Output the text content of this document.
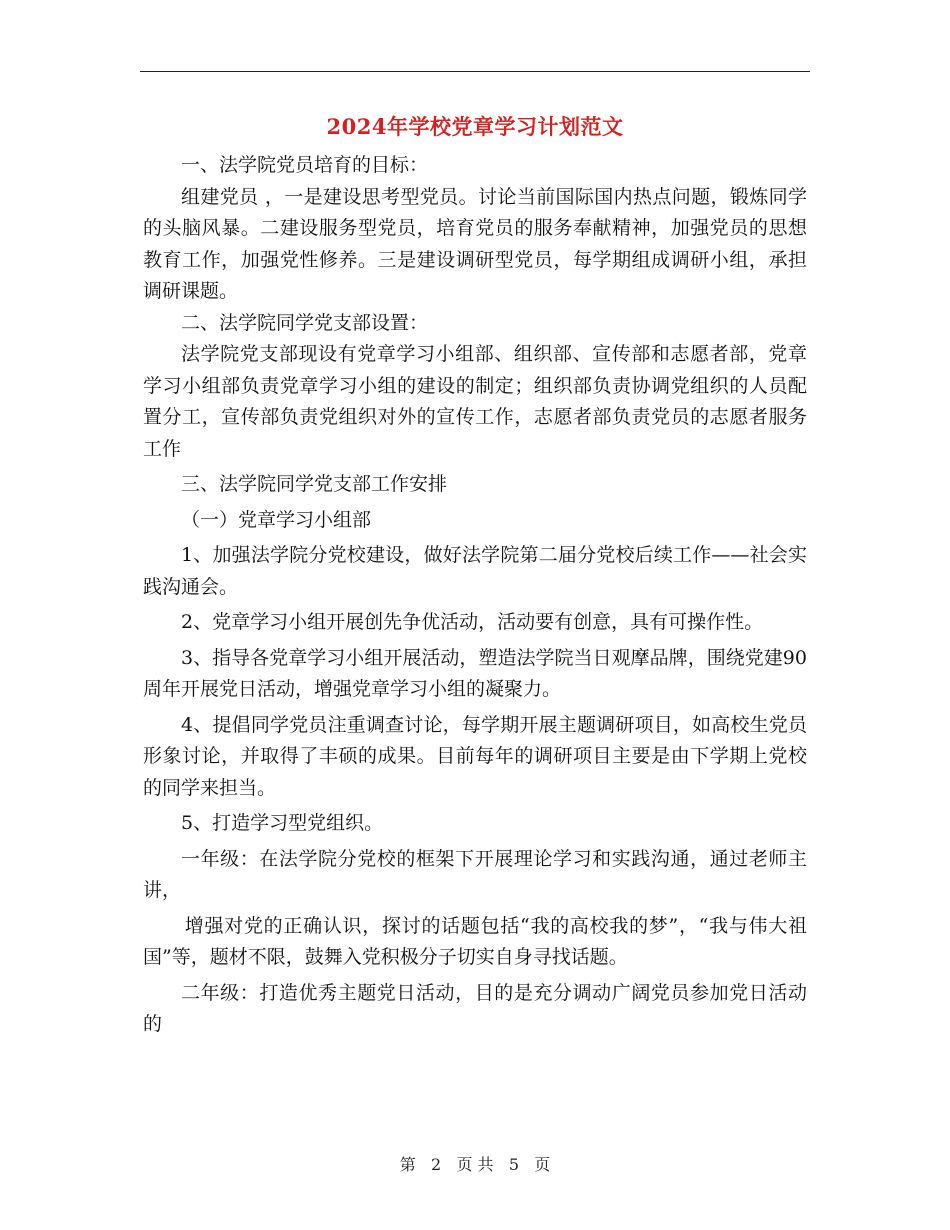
2024年学校党章学习计划范文

一、法学院党员培育的目标：

组建党员 ，一是建设思考型党员。讨论当前国际国内热点问题，锻炼同学的头脑风暴。二建设服务型党员，培育党员的服务奉献精神，加强党员的思想教育工作，加强党性修养。三是建设调研型党员，每学期组成调研小组，承担调研课题。

二、法学院同学党支部设置：

法学院党支部现设有党章学习小组部、组织部、宣传部和志愿者部，党章学习小组部负责党章学习小组的建设的制定；组织部负责协调党组织的人员配置分工，宣传部负责党组织对外的宣传工作，志愿者部负责党员的志愿者服务工作

三、法学院同学党支部工作安排

（一）党章学习小组部

1、加强法学院分党校建设，做好法学院第二届分党校后续工作——社会实践沟通会。

2、党章学习小组开展创先争优活动，活动要有创意，具有可操作性。

3、指导各党章学习小组开展活动，塑造法学院当日观摩品牌，围绕党建90周年开展党日活动，增强党章学习小组的凝聚力。

4、提倡同学党员注重调查讨论，每学期开展主题调研项目，如高校生党员形象讨论，并取得了丰硕的成果。目前每年的调研项目主要是由下学期上党校的同学来担当。

5、打造学习型党组织。

一年级：在法学院分党校的框架下开展理论学习和实践沟通，通过老师主讲，

增强对党的正确认识，探讨的话题包括“我的高校我的梦”，“我与伟大祖国”等，题材不限，鼓舞入党积极分子切实自身寻找话题。

二年级：打造优秀主题党日活动，目的是充分调动广阔党员参加党日活动的

第 2 页 共 5 页
